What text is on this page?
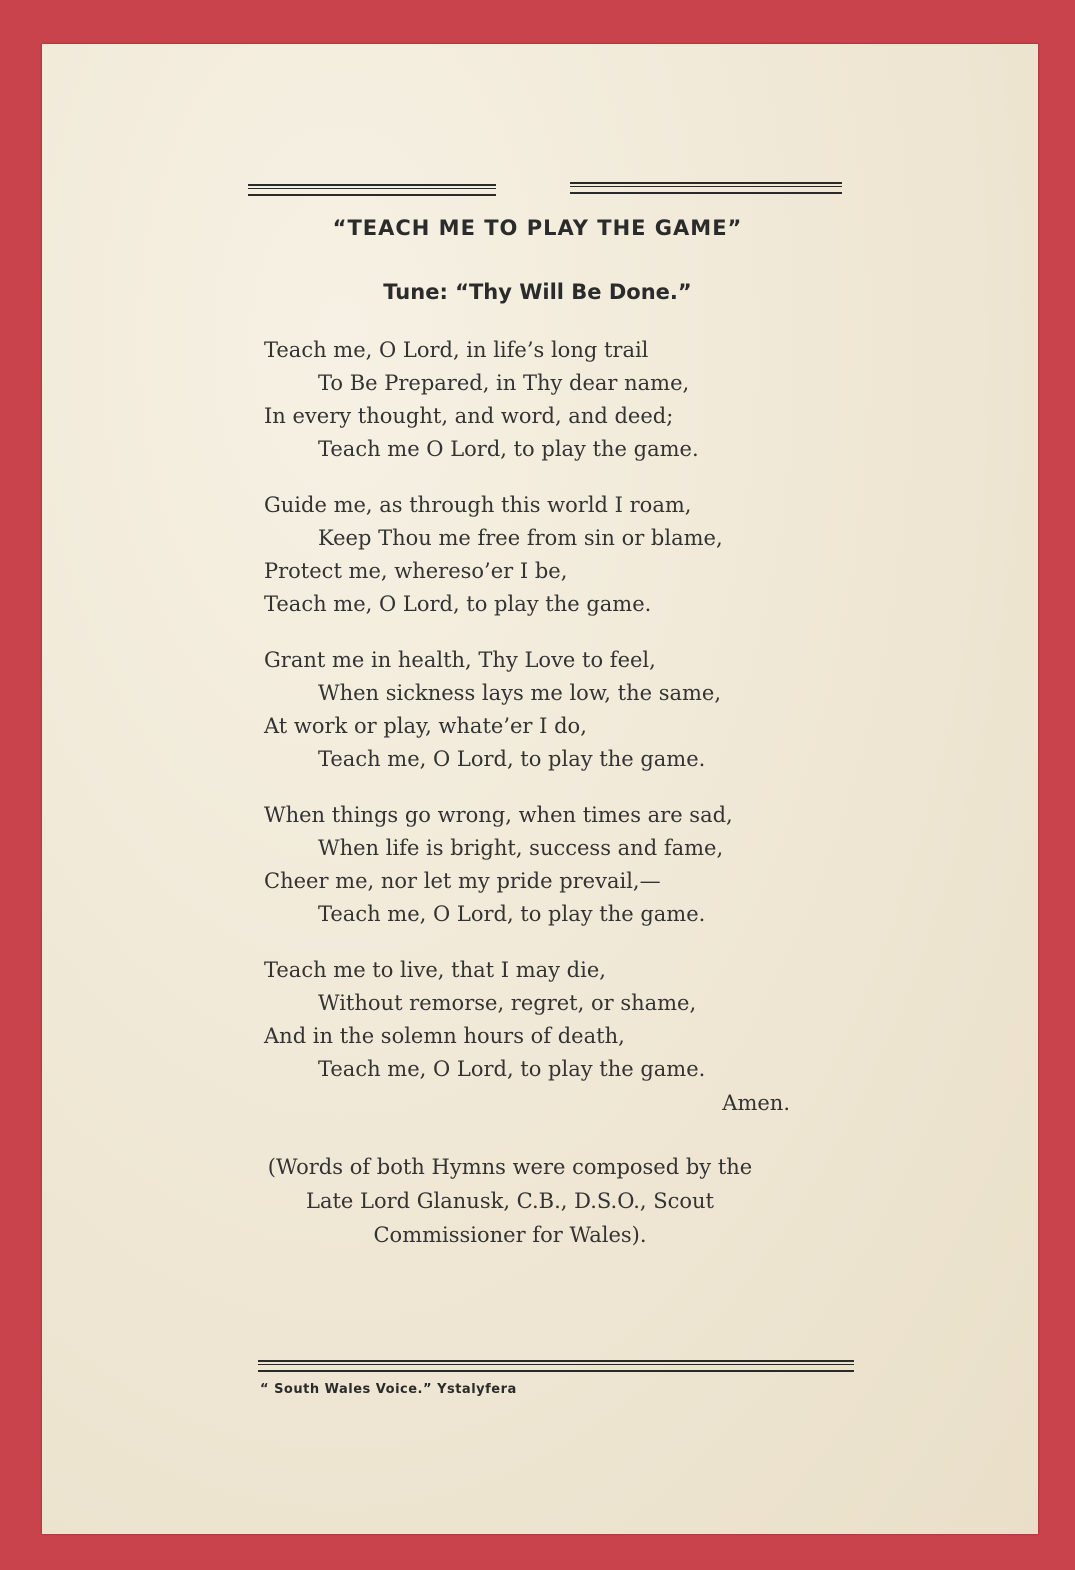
“TEACH ME TO PLAY THE GAME”
Tune: “Thy Will Be Done.”
Teach me, O Lord, in life’s long trail
To Be Prepared, in Thy dear name,
In every thought, and word, and deed;
Teach me O Lord, to play the game.
Guide me, as through this world I roam,
Keep Thou me free from sin or blame,
Protect me, whereso’er I be,
Teach me, O Lord, to play the game.
Grant me in health, Thy Love to feel,
When sickness lays me low, the same,
At work or play, whate’er I do,
Teach me, O Lord, to play the game.
When things go wrong, when times are sad,
When life is bright, success and fame,
Cheer me, nor let my pride prevail,—
Teach me, O Lord, to play the game.
Teach me to live, that I may die,
Without remorse, regret, or shame,
And in the solemn hours of death,
Teach me, O Lord, to play the game.
Amen.
(Words of both Hymns were composed by the
Late Lord Glanusk, C.B., D.S.O., Scout
Commissioner for Wales).
“ South Wales Voice.” Ystalyfera
